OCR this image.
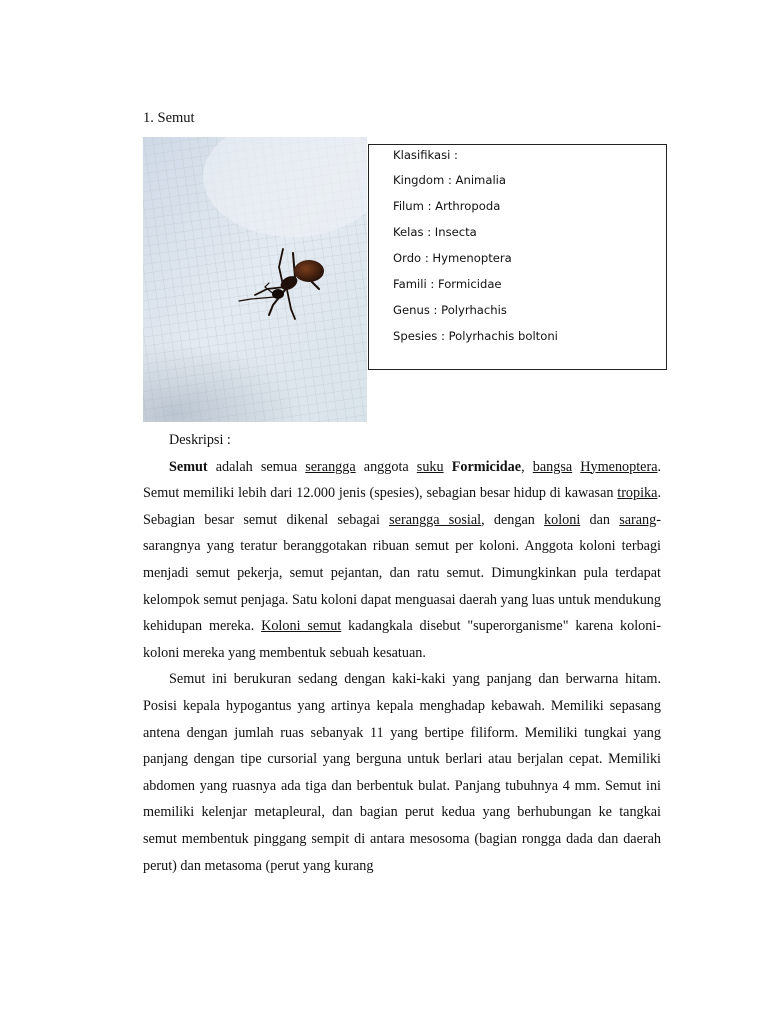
1. Semut
Klasifikasi :
Kingdom : Animalia
Filum : Arthropoda
Kelas : Insecta
Ordo : Hymenoptera
Famili : Formicidae
Genus : Polyrhachis
Spesies : Polyrhachis boltoni

Deskripsi :

Semut adalah semua serangga anggota suku Formicidae, bangsa Hymenoptera. Semut memiliki lebih dari 12.000 jenis (spesies), sebagian besar hidup di kawasan tropika. Sebagian besar semut dikenal sebagai serangga sosial, dengan koloni dan sarang-sarangnya yang teratur beranggotakan ribuan semut per koloni. Anggota koloni terbagi menjadi semut pekerja, semut pejantan, dan ratu semut. Dimungkinkan pula terdapat kelompok semut penjaga. Satu koloni dapat menguasai daerah yang luas untuk mendukung kehidupan mereka. Koloni semut kadangkala disebut "superorganisme" karena koloni-koloni mereka yang membentuk sebuah kesatuan.

Semut ini berukuran sedang dengan kaki-kaki yang panjang dan berwarna hitam. Posisi kepala hypogantus yang artinya kepala menghadap kebawah. Memiliki sepasang antena dengan jumlah ruas sebanyak 11 yang bertipe filiform. Memiliki tungkai yang panjang dengan tipe cursorial yang berguna untuk berlari atau berjalan cepat. Memiliki abdomen yang ruasnya ada tiga dan berbentuk bulat. Panjang tubuhnya 4 mm. Semut ini memiliki kelenjar metapleural, dan bagian perut kedua yang berhubungan ke tangkai semut membentuk pinggang sempit di antara mesosoma (bagian rongga dada dan daerah perut) dan metasoma (perut yang kurang
